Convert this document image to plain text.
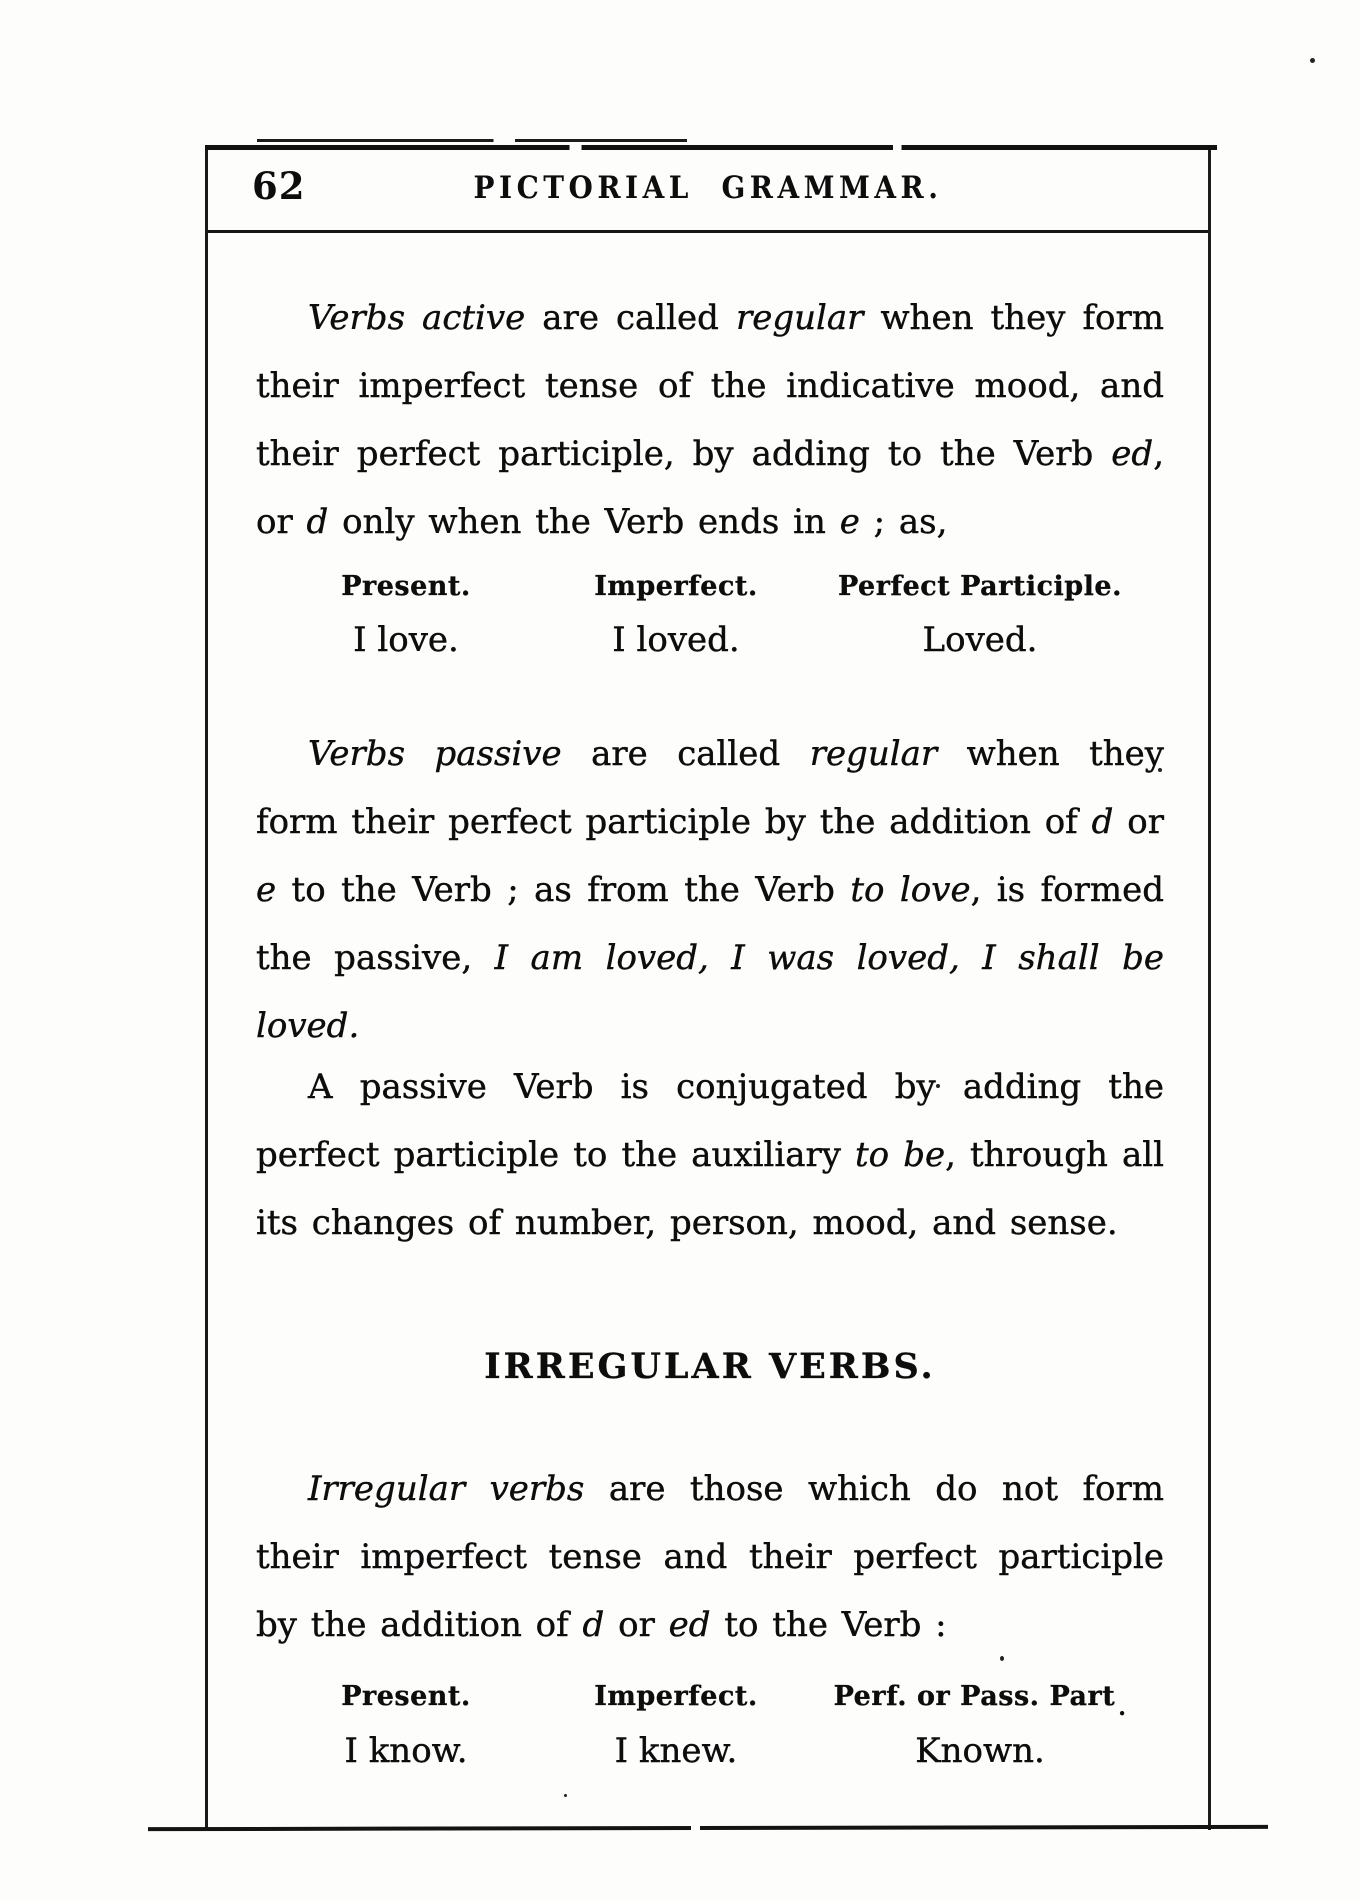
62	PICTORIAL GRAMMAR.

Verbs active are called regular when they form their imperfect tense of the indicative mood, and their perfect participle, by adding to the Verb ed, or d only when the Verb ends in e ; as,

Present.	Imperfect.	Perfect Participle.
I love.	I loved.	Loved.

Verbs passive are called regular when they form their perfect participle by the addition of d or e to the Verb ; as from the Verb to love, is formed the passive, I am loved, I was loved, I shall be loved.

A passive Verb is conjugated by adding the perfect participle to the auxiliary to be, through all its changes of number, person, mood, and sense.

IRREGULAR VERBS.

Irregular verbs are those which do not form their imperfect tense and their perfect participle by the addition of d or ed to the Verb :

Present.	Imperfect.	Perf. or Pass. Part .
I know.	I knew.	Known.
